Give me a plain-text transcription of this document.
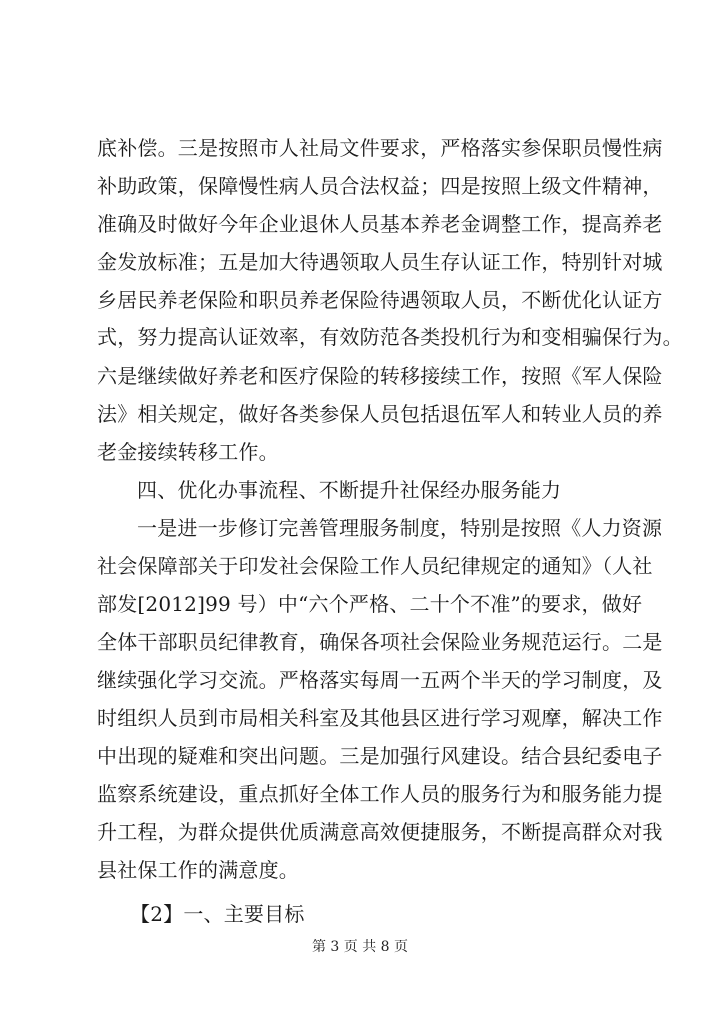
底补偿。三是按照市人社局文件要求，严格落实参保职员慢性病
补助政策，保障慢性病人员合法权益；四是按照上级文件精神，
准确及时做好今年企业退休人员基本养老金调整工作，提高养老
金发放标准；五是加大待遇领取人员生存认证工作，特别针对城
乡居民养老保险和职员养老保险待遇领取人员，不断优化认证方
式，努力提高认证效率，有效防范各类投机行为和变相骗保行为。
六是继续做好养老和医疗保险的转移接续工作，按照《军人保险
法》相关规定，做好各类参保人员包括退伍军人和转业人员的养
老金接续转移工作。
四、优化办事流程、不断提升社保经办服务能力
一是进一步修订完善管理服务制度，特别是按照《人力资源
社会保障部关于印发社会保险工作人员纪律规定的通知》（人社
部发[2012]99 号）中“六个严格、二十个不准”的要求，做好
全体干部职员纪律教育，确保各项社会保险业务规范运行。二是
继续强化学习交流。严格落实每周一五两个半天的学习制度，及
时组织人员到市局相关科室及其他县区进行学习观摩，解决工作
中出现的疑难和突出问题。三是加强行风建设。结合县纪委电子
监察系统建设，重点抓好全体工作人员的服务行为和服务能力提
升工程，为群众提供优质满意高效便捷服务，不断提高群众对我
县社保工作的满意度。
【2】一、主要目标
第 3 页 共 8 页
